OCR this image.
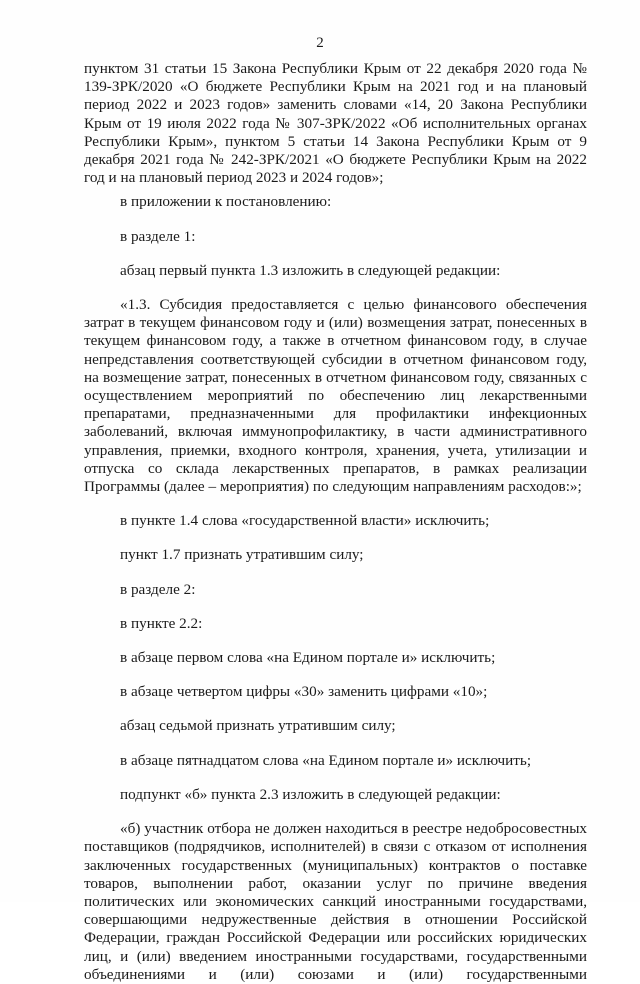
2

пунктом 31 статьи 15 Закона Республики Крым от 22 декабря 2020 года № 139-ЗРК/2020 «О бюджете Республики Крым на 2021 год и на плановый период 2022 и 2023 годов» заменить словами «14, 20 Закона Республики Крым от 19 июля 2022 года № 307-ЗРК/2022 «Об исполнительных органах Республики Крым», пунктом 5 статьи 14 Закона Республики Крым от 9 декабря 2021 года № 242-ЗРК/2021 «О бюджете Республики Крым на 2022 год и на плановый период 2023 и 2024 годов»;

в приложении к постановлению:

в разделе 1:

абзац первый пункта 1.3 изложить в следующей редакции:

«1.3. Субсидия предоставляется с целью финансового обеспечения затрат в текущем финансовом году и (или) возмещения затрат, понесенных в текущем финансовом году, а также в отчетном финансовом году, в случае непредставления соответствующей субсидии в отчетном финансовом году, на возмещение затрат, понесенных в отчетном финансовом году, связанных с осуществлением мероприятий по обеспечению лиц лекарственными препаратами, предназначенными для профилактики инфекционных заболеваний, включая иммунопрофилактику, в части административного управления, приемки, входного контроля, хранения, учета, утилизации и отпуска со склада лекарственных препаратов, в рамках реализации Программы (далее – мероприятия) по следующим направлениям расходов:»;

в пункте 1.4 слова «государственной власти» исключить;

пункт 1.7 признать утратившим силу;

в разделе 2:

в пункте 2.2:

в абзаце первом слова «на Едином портале и» исключить;

в абзаце четвертом цифры «30» заменить цифрами «10»;

абзац седьмой признать утратившим силу;

в абзаце пятнадцатом слова «на Едином портале и» исключить;

подпункт «б» пункта 2.3 изложить в следующей редакции:

«б) участник отбора не должен находиться в реестре недобросовестных поставщиков (подрядчиков, исполнителей) в связи с отказом от исполнения заключенных государственных (муниципальных) контрактов о поставке товаров, выполнении работ, оказании услуг по причине введения политических или экономических санкций иностранными государствами, совершающими недружественные действия в отношении Российской Федерации, граждан Российской Федерации или российских юридических лиц, и (или) введением иностранными государствами, государственными объединениями и (или) союзами и (или) государственными
